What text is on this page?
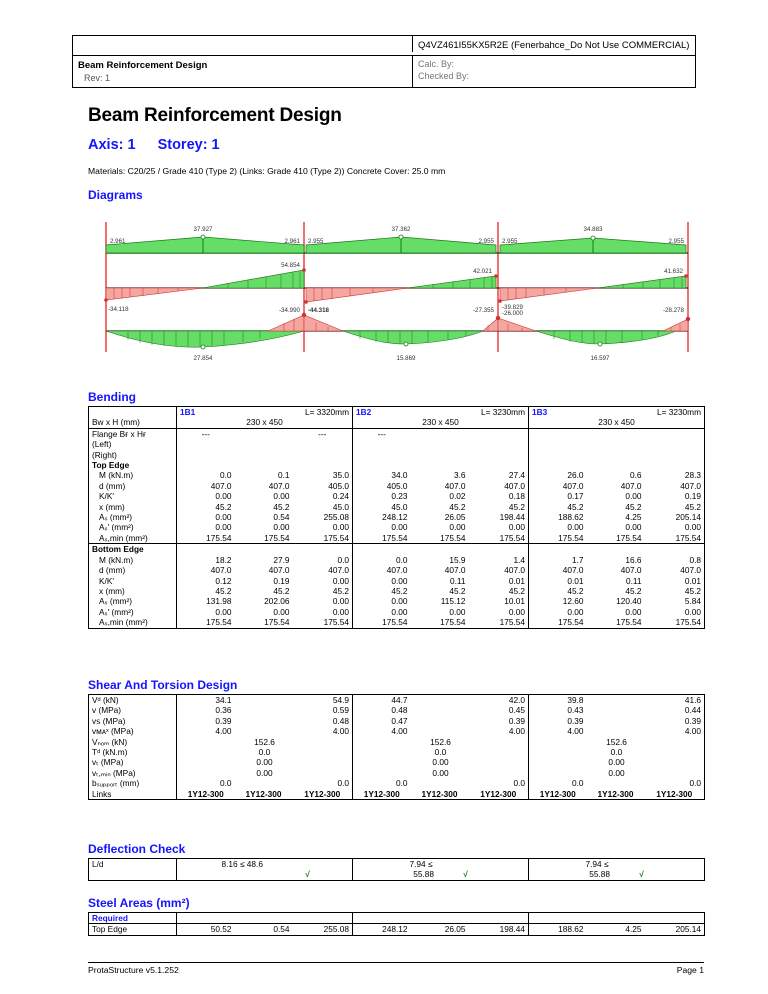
Q4VZ461I55KX5R2E (Fenerbahce_Do Not Use COMMERCIAL)
Beam Reinforcement Design
Rev: 1
Calc. By:
Checked By:
Beam Reinforcement Design
Axis: 1 Storey: 1
Materials: C20/25 / Grade 410 (Type 2) (Links: Grade 410 (Type 2)) Concrete Cover: 25.0 mm
Diagrams
37.927	37.362	34.883
2.961	2.961 2.955	2.955 2.955	2.955
54.854
42.021	41.632
-34.118
27.854	15.869	16.597
-34.990 -44.318	-27.355 -39.829
-26.000	-28.278
Bending
	1B1		L= 3320mm	1B2		L= 3230mm	1B3		L= 3230mm
Bᴡ x H (mm)	230 x 450			230 x 450			230 x 450		
Flange Bғ x Hғ	---		---	---					
(Left)									
(Right)									
Top Edge									
M (kN.m)	0.0	0.1	35.0	34.0	3.6	27.4	26.0	0.6	28.3
d (mm)	407.0	407.0	405.0	405.0	407.0	407.0	407.0	407.0	407.0
K/K'	0.00	0.00	0.24	0.23	0.02	0.18	0.17	0.00	0.19
x (mm)	45.2	45.2	45.0	45.0	45.2	45.2	45.2	45.2	45.2
Aₛ (mm²)	0.00	0.54	255.08	248.12	26.05	198.44	188.62	4.25	205.14
Aₛ' (mm²)	0.00	0.00	0.00	0.00	0.00	0.00	0.00	0.00	0.00
Aₛ,min (mm²)	175.54	175.54	175.54	175.54	175.54	175.54	175.54	175.54	175.54
Bottom Edge									
M (kN.m)	18.2	27.9	0.0	0.0	15.9	1.4	1.7	16.6	0.8
d (mm)	407.0	407.0	407.0	407.0	407.0	407.0	407.0	407.0	407.0
K/K'	0.12	0.19	0.00	0.00	0.11	0.01	0.01	0.11	0.01
x (mm)	45.2	45.2	45.2	45.2	45.2	45.2	45.2	45.2	45.2
Aₛ (mm²)	131.98	202.06	0.00	0.00	115.12	10.01	12.60	120.40	5.84
Aₛ' (mm²)	0.00	0.00	0.00	0.00	0.00	0.00	0.00	0.00	0.00
Aₛ,min (mm²)	175.54	175.54	175.54	175.54	175.54	175.54	175.54	175.54	175.54
Shear And Torsion Design
Vᵈ (kN)	34.1		54.9	44.7		42.0	39.8		41.6
v (MPa)	0.36		0.59	0.48		0.45	0.43		0.44
vꜱ (MPa)	0.39		0.48	0.47		0.39	0.39		0.39
vᴍᴀˣ (MPa)	4.00		4.00	4.00		4.00	4.00		4.00
Vₙₒₘ (kN)	152.6			152.6			152.6		
Tᵈ (kN.m)	0.0			0.0			0.0		
vₜ (MPa)	0.00			0.00			0.00		
vₜ,ₘᵢₙ (MPa)	0.00			0.00			0.00		
bₛᵤₚₚₒᵣₜ (mm)	0.0		0.0	0.0		0.0	0.0		0.0
Links	1Y12-300	1Y12-300	1Y12-300	1Y12-300	1Y12-300	1Y12-300	1Y12-300	1Y12-300	1Y12-300
Deflection Check
L/d	8.16 ≤ 48.6	7.94 ≤	7.94 ≤
	√	55.88 √	55.88 √
Steel Areas (mm²)
Required									
Top Edge	50.52	0.54	255.08	248.12	26.05	198.44	188.62	4.25	205.14
ProtaStructure v5.1.252	Page 1
